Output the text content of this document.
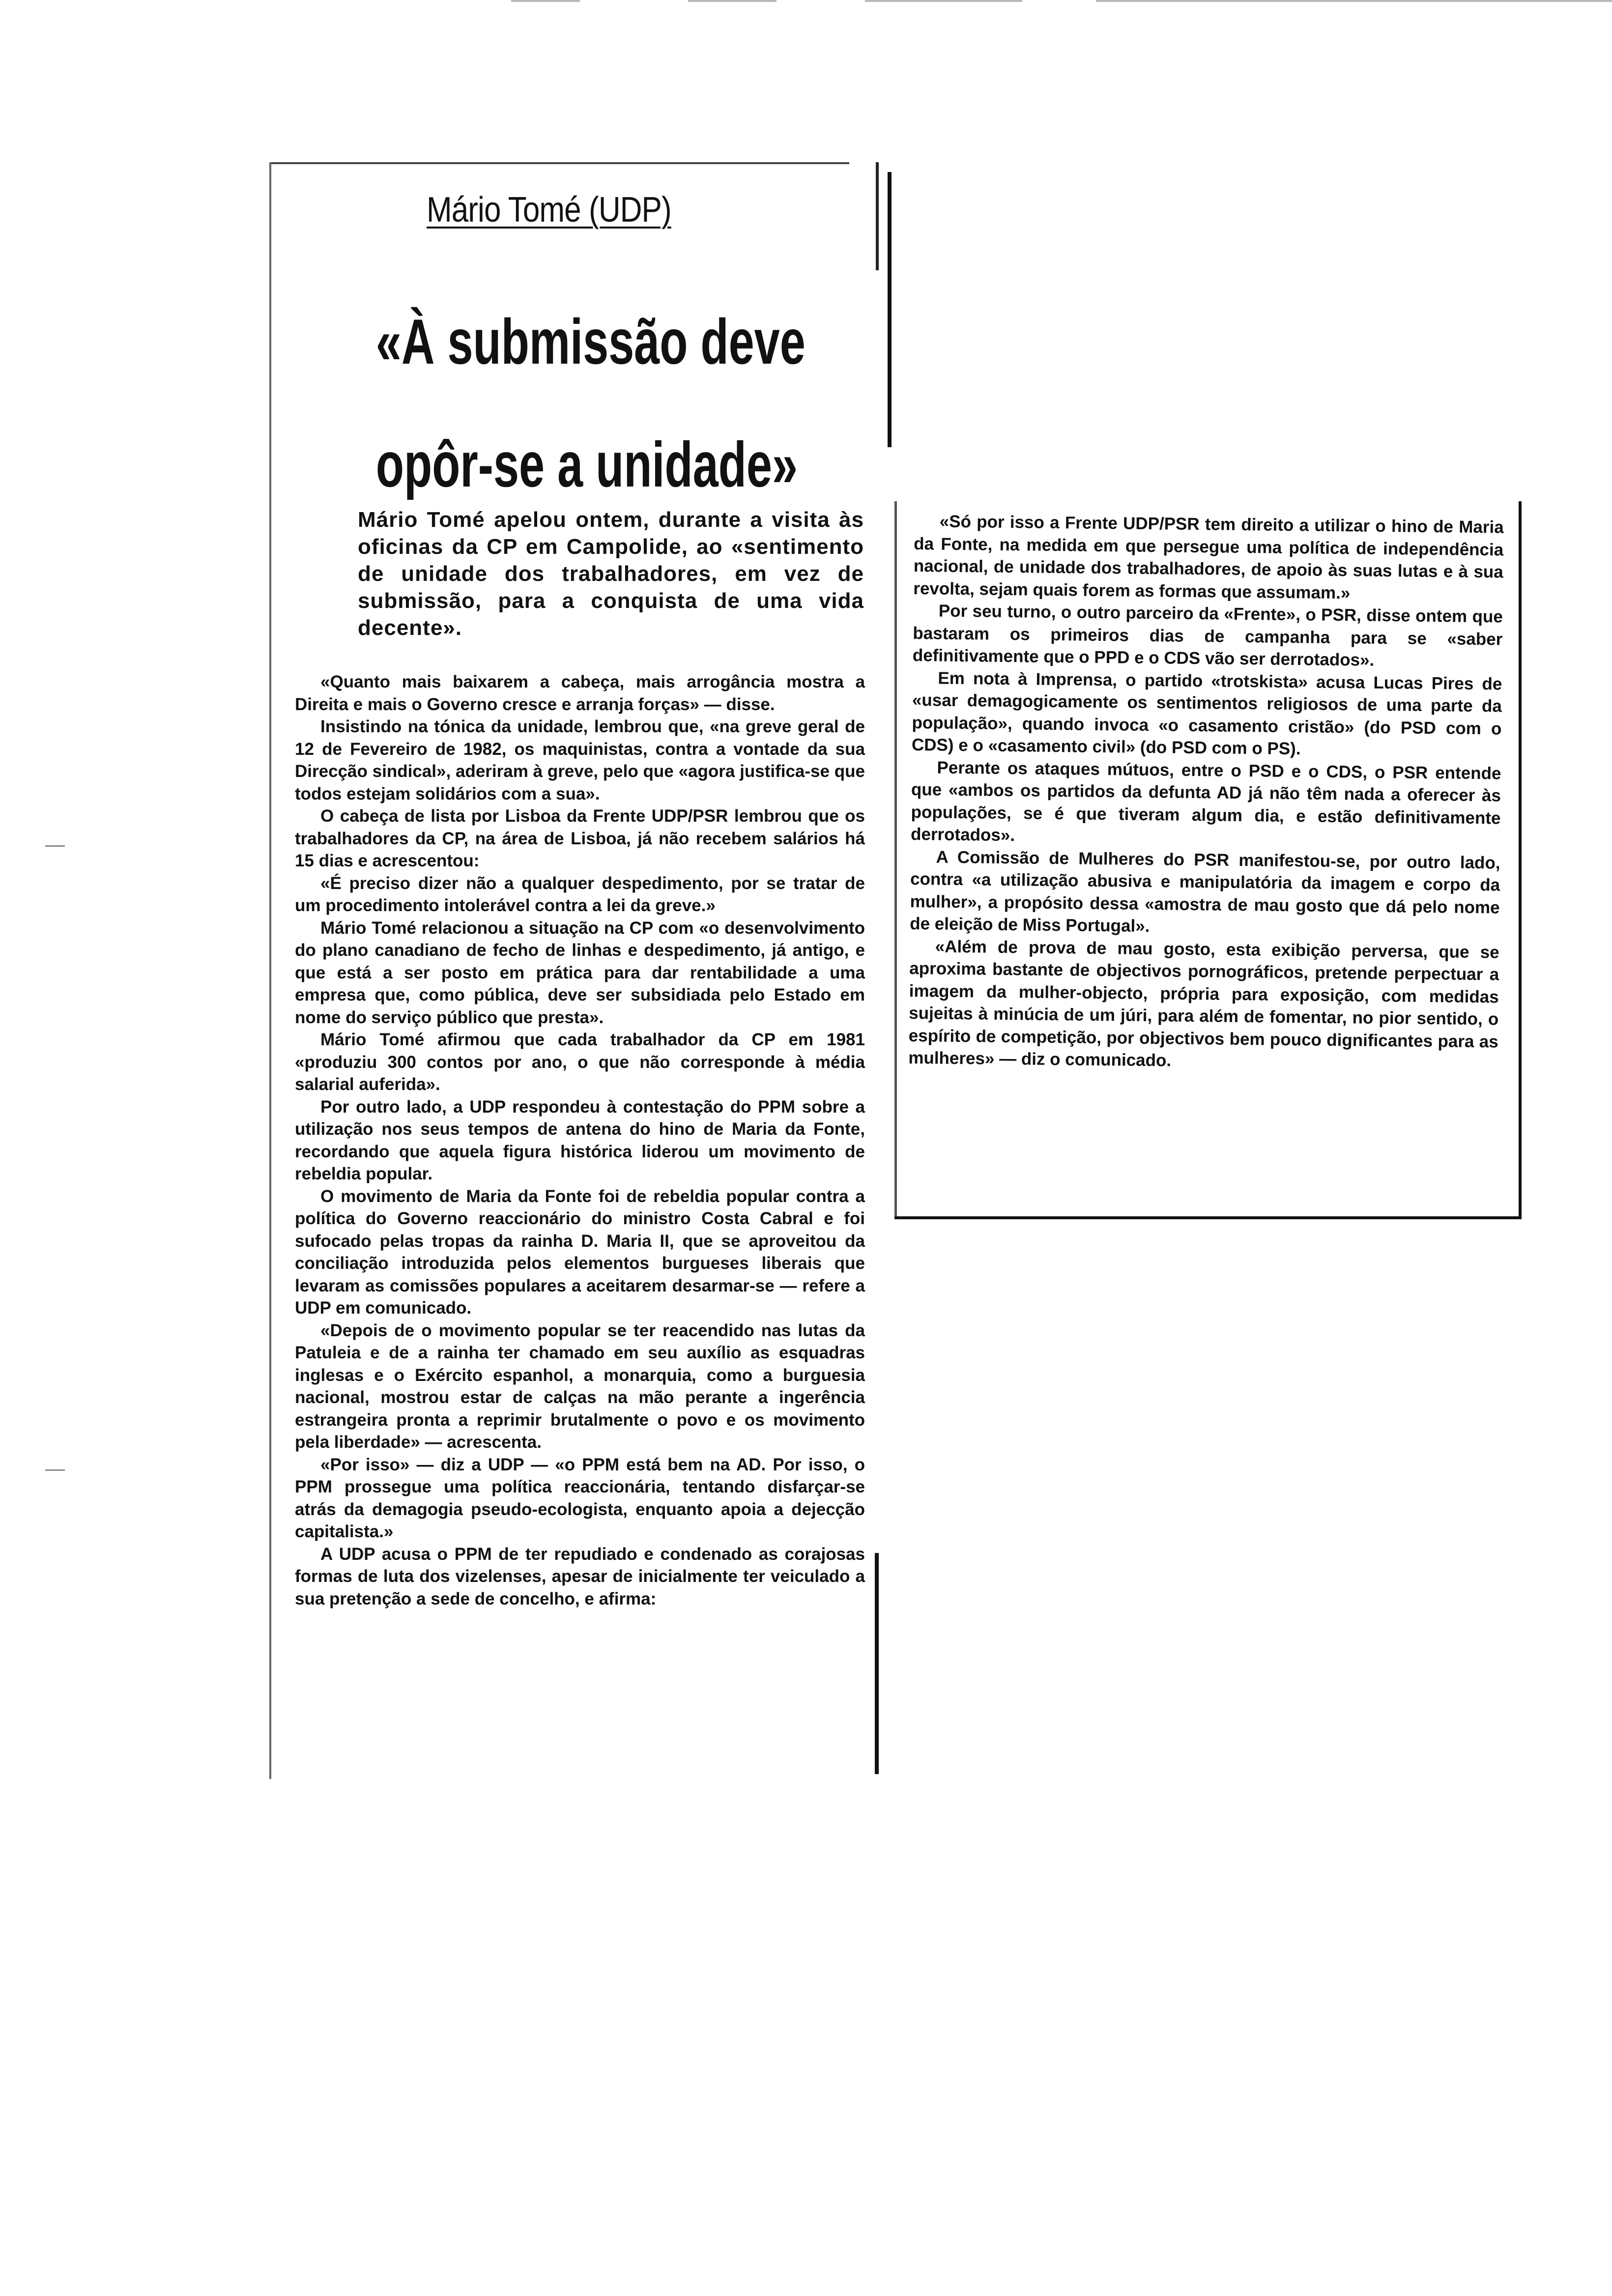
Mário Tomé (UDP)
«À submissão deve
opôr-se a unidade»
Mário Tomé apelou ontem, durante a visita às oficinas da CP em Campolide, ao «sentimento de unidade dos trabalhadores, em vez de submissão, para a conquista de uma vida decente».

«Quanto mais baixarem a cabeça, mais arrogância mostra a Direita e mais o Governo cresce e arranja forças» — disse.

Insistindo na tónica da unidade, lembrou que, «na greve geral de 12 de Fevereiro de 1982, os maquinistas, contra a vontade da sua Direcção sindical», aderiram à greve, pelo que «agora justifica-se que todos estejam solidários com a sua».

O cabeça de lista por Lisboa da Frente UDP/PSR lembrou que os trabalhadores da CP, na área de Lisboa, já não recebem salários há 15 dias e acrescentou:

«É preciso dizer não a qualquer despedimento, por se tratar de um procedimento intolerável contra a lei da greve.»

Mário Tomé relacionou a situação na CP com «o desenvolvimento do plano canadiano de fecho de linhas e despedimento, já antigo, e que está a ser posto em prática para dar rentabilidade a uma empresa que, como pública, deve ser subsidiada pelo Estado em nome do serviço público que presta».

Mário Tomé afirmou que cada trabalhador da CP em 1981 «produziu 300 contos por ano, o que não corresponde à média salarial auferida».

Por outro lado, a UDP respondeu à contestação do PPM sobre a utilização nos seus tempos de antena do hino de Maria da Fonte, recordando que aquela figura histórica liderou um movimento de rebeldia popular.

O movimento de Maria da Fonte foi de rebeldia popular contra a política do Governo reaccionário do ministro Costa Cabral e foi sufocado pelas tropas da rainha D. Maria II, que se aproveitou da conciliação introduzida pelos elementos burgueses liberais que levaram as comissões populares a aceitarem desarmar-se — refere a UDP em comunicado.

«Depois de o movimento popular se ter reacendido nas lutas da Patuleia e de a rainha ter chamado em seu auxílio as esquadras inglesas e o Exército espanhol, a monarquia, como a burguesia nacional, mostrou estar de calças na mão perante a ingerência estrangeira pronta a reprimir brutalmente o povo e os movimento pela liberdade» — acrescenta.

«Por isso» — diz a UDP — «o PPM está bem na AD. Por isso, o PPM prossegue uma política reaccionária, tentando disfarçar-se atrás da demagogia pseudo-ecologista, enquanto apoia a dejecção capitalista.»

A UDP acusa o PPM de ter repudiado e condenado as corajosas formas de luta dos vizelenses, apesar de inicialmente ter veiculado a sua pretenção a sede de concelho, e afirma:

«Só por isso a Frente UDP/PSR tem direito a utilizar o hino de Maria da Fonte, na medida em que persegue uma política de independência nacional, de unidade dos trabalhadores, de apoio às suas lutas e à sua revolta, sejam quais forem as formas que assumam.»

Por seu turno, o outro parceiro da «Frente», o PSR, disse ontem que bastaram os primeiros dias de campanha para se «saber definitivamente que o PPD e o CDS vão ser derrotados».

Em nota à Imprensa, o partido «trotskista» acusa Lucas Pires de «usar demagogicamente os sentimentos religiosos de uma parte da população», quando invoca «o casamento cristão» (do PSD com o CDS) e o «casamento civil» (do PSD com o PS).

Perante os ataques mútuos, entre o PSD e o CDS, o PSR entende que «ambos os partidos da defunta AD já não têm nada a oferecer às populações, se é que tiveram algum dia, e estão definitivamente derrotados».

A Comissão de Mulheres do PSR manifestou-se, por outro lado, contra «a utilização abusiva e manipulatória da imagem e corpo da mulher», a propósito dessa «amostra de mau gosto que dá pelo nome de eleição de Miss Portugal».

«Além de prova de mau gosto, esta exibição perversa, que se aproxima bastante de objectivos pornográficos, pretende perpectuar a imagem da mulher-objecto, própria para exposição, com medidas sujeitas à minúcia de um júri, para além de fomentar, no pior sentido, o espírito de competição, por objectivos bem pouco dignificantes para as mulheres» — diz o comunicado.
